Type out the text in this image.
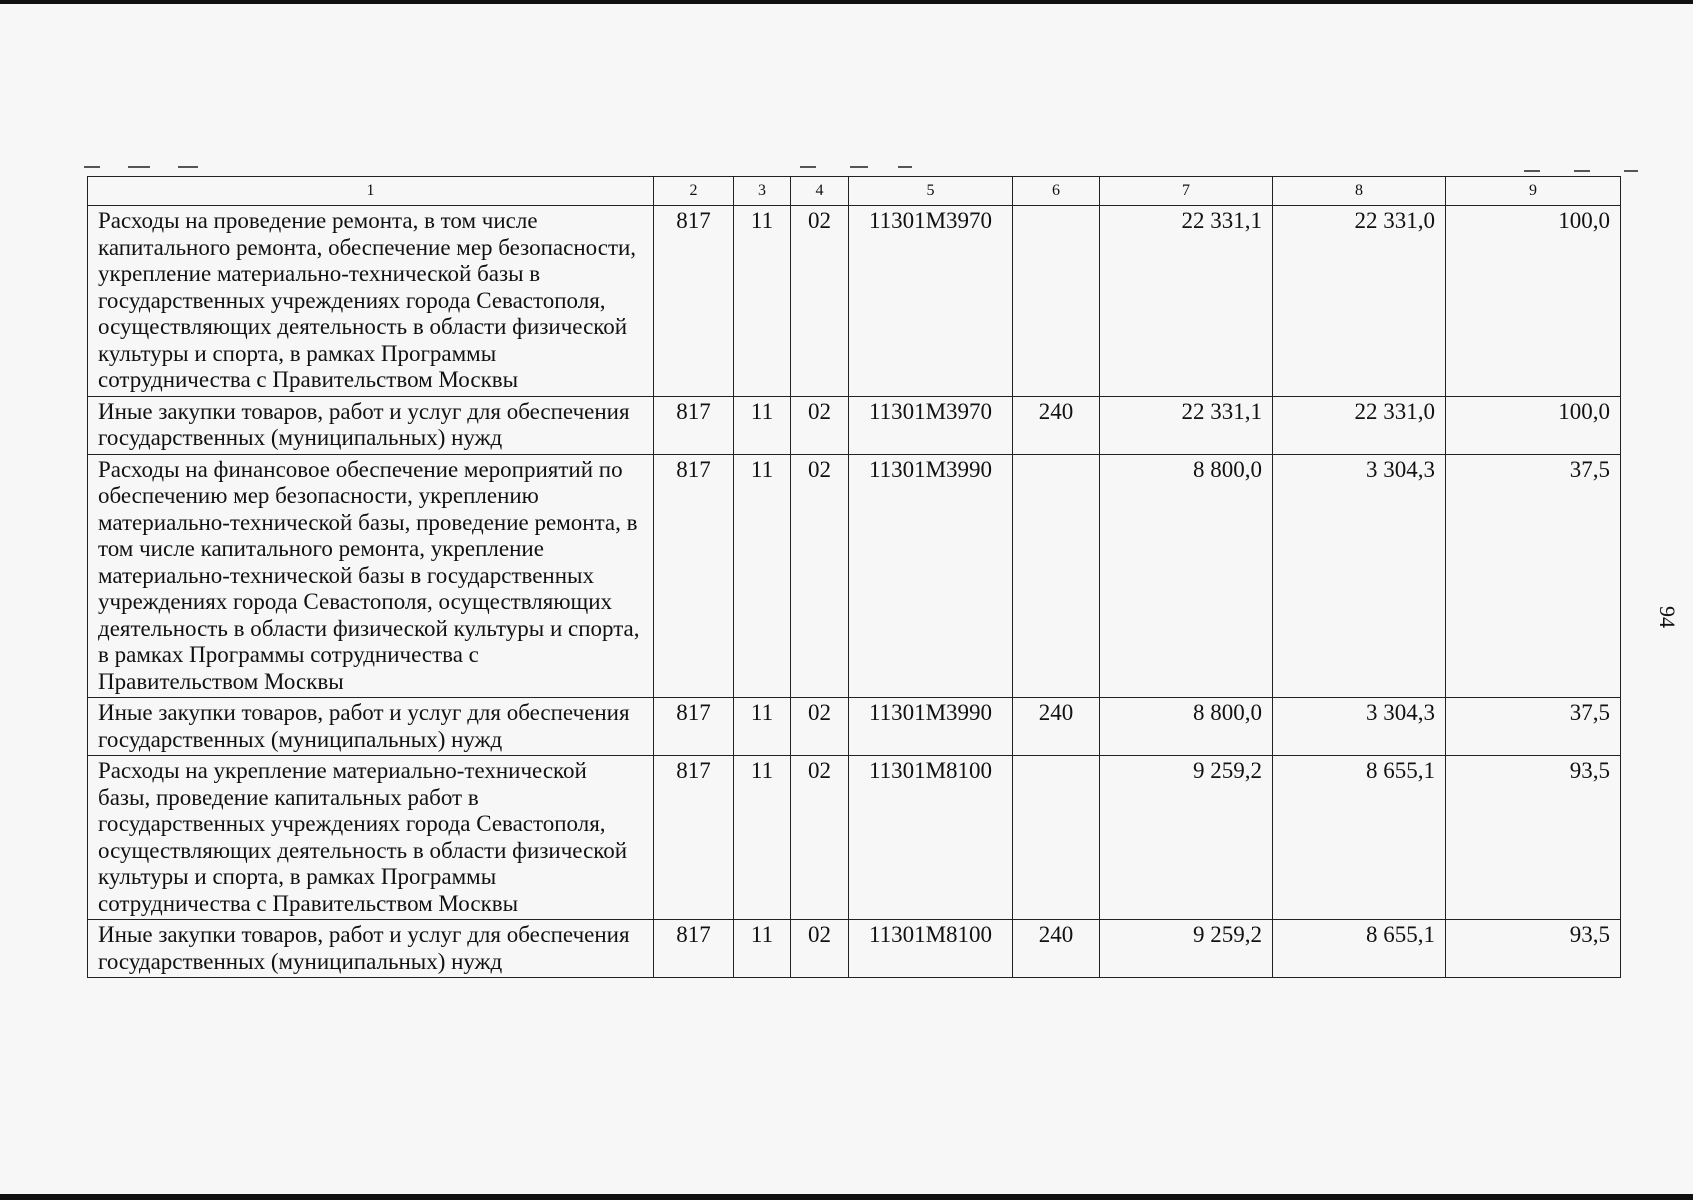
1	2	3	4	5	6	7	8	9
Расходы на проведение ремонта, в том числе капитального ремонта, обеспечение мер безопасности, укрепление материально-технической базы в государственных учреждениях города Севастополя, осуществляющих деятельность в области физической культуры и спорта, в рамках Программы сотрудничества с Правительством Москвы	817	11	02	11301М3970		22 331,1	22 331,0	100,0
Иные закупки товаров, работ и услуг для обеспечения государственных (муниципальных) нужд	817	11	02	11301М3970	240	22 331,1	22 331,0	100,0
Расходы на финансовое обеспечение мероприятий по обеспечению мер безопасности, укреплению материально-технической базы, проведение ремонта, в том числе капитального ремонта, укрепление материально-технической базы в государственных учреждениях города Севастополя, осуществляющих деятельность в области физической культуры и спорта, в рамках Программы сотрудничества с Правительством Москвы	817	11	02	11301М3990		8 800,0	3 304,3	37,5
Иные закупки товаров, работ и услуг для обеспечения государственных (муниципальных) нужд	817	11	02	11301М3990	240	8 800,0	3 304,3	37,5
Расходы на укрепление материально-технической базы, проведение капитальных работ в государственных учреждениях города Севастополя, осуществляющих деятельность в области физической культуры и спорта, в рамках Программы сотрудничества с Правительством Москвы	817	11	02	11301М8100		9 259,2	8 655,1	93,5
Иные закупки товаров, работ и услуг для обеспечения государственных (муниципальных) нужд	817	11	02	11301М8100	240	9 259,2	8 655,1	93,5
94
